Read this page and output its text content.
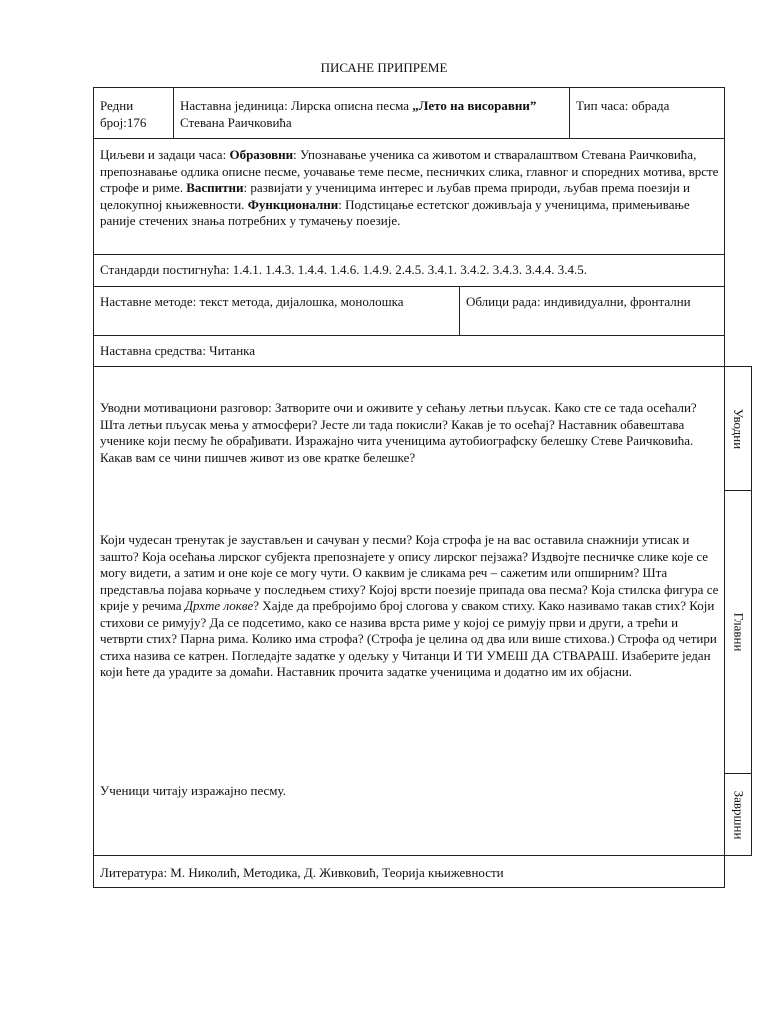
ПИСАНЕ ПРИПРЕМЕ
Редни
број:176
Наставна јединица: Лирска описна песма „Лето на висоравни” Стевана Раичковића
Тип часа: обрада
Циљеви и задаци часа: Образовни: Упознавање ученика са животом и стваралаштвом Стевана Раичковића, препознавање одлика описне песме, уочавање теме песме, песничких слика, главног и споредних мотива, врсте строфе и риме. Васпитни: развијати у ученицима интерес и љубав према природи, љубав према поезији и целокупној књижевности. Функционални: Подстицање естетског доживљаја у ученицима, примењивање раније стечених знања потребних у тумачењу поезије.
Стандарди постигнућа: 1.4.1. 1.4.3. 1.4.4. 1.4.6. 1.4.9. 2.4.5. 3.4.1. 3.4.2. 3.4.3. 3.4.4. 3.4.5.
Наставне методе: текст метода, дијалошка, монолошка	Облици рада: индивидуални, фронтални
Наставна средства: Читанка
Уводни мотивациони разговор: Затворите очи и оживите у сећању летњи пљусак. Како сте се тада осећали? Шта летњи пљусак мења у атмосфери? Јесте ли тада покисли? Какав је то осећај? Наставник обавештава ученике који песму ће обрађивати. Изражајно чита ученицима аутобиографску белешку Стеве Раичковића. Какав вам се чини пишчев живот из ове кратке белешке?
Уводни
Који чудесан тренутак је заустављен и сачуван у песми? Која строфа је на вас оставила снажнији утисак и зашто? Која осећања лирског субјекта препознајете у опису лирског пејзажа? Издвојте песничке слике које се могу видети, а затим и оне које се могу чути. О каквим је сликама реч – сажетим или опширним? Шта представља појава корњаче у последњем стиху? Којој врсти поезије припада ова песма? Која стилска фигура се крије у речима Дрхте локве? Хајде да пребројимо број слогова у сваком стиху. Како називамо такав стих? Који стихови се римују? Да се подсетимо, како се назива врста риме у којој се римују први и други, а трећи и четврти стих? Парна рима. Колико има строфа? (Строфа је целина од два или више стихова.) Строфа од четири стиха назива се катрен. Погледајте задатке у одељку у Читанци И ТИ УМЕШ ДА СТВАРАШ. Изаберите један који ћете да урадите за домаћи. Наставник прочита задатке ученицима и додатно им их објасни.
Главни
Ученици читају изражајно песму.	Завршни
Литература: М. Николић, Методика, Д. Живковић, Теорија књижевности
